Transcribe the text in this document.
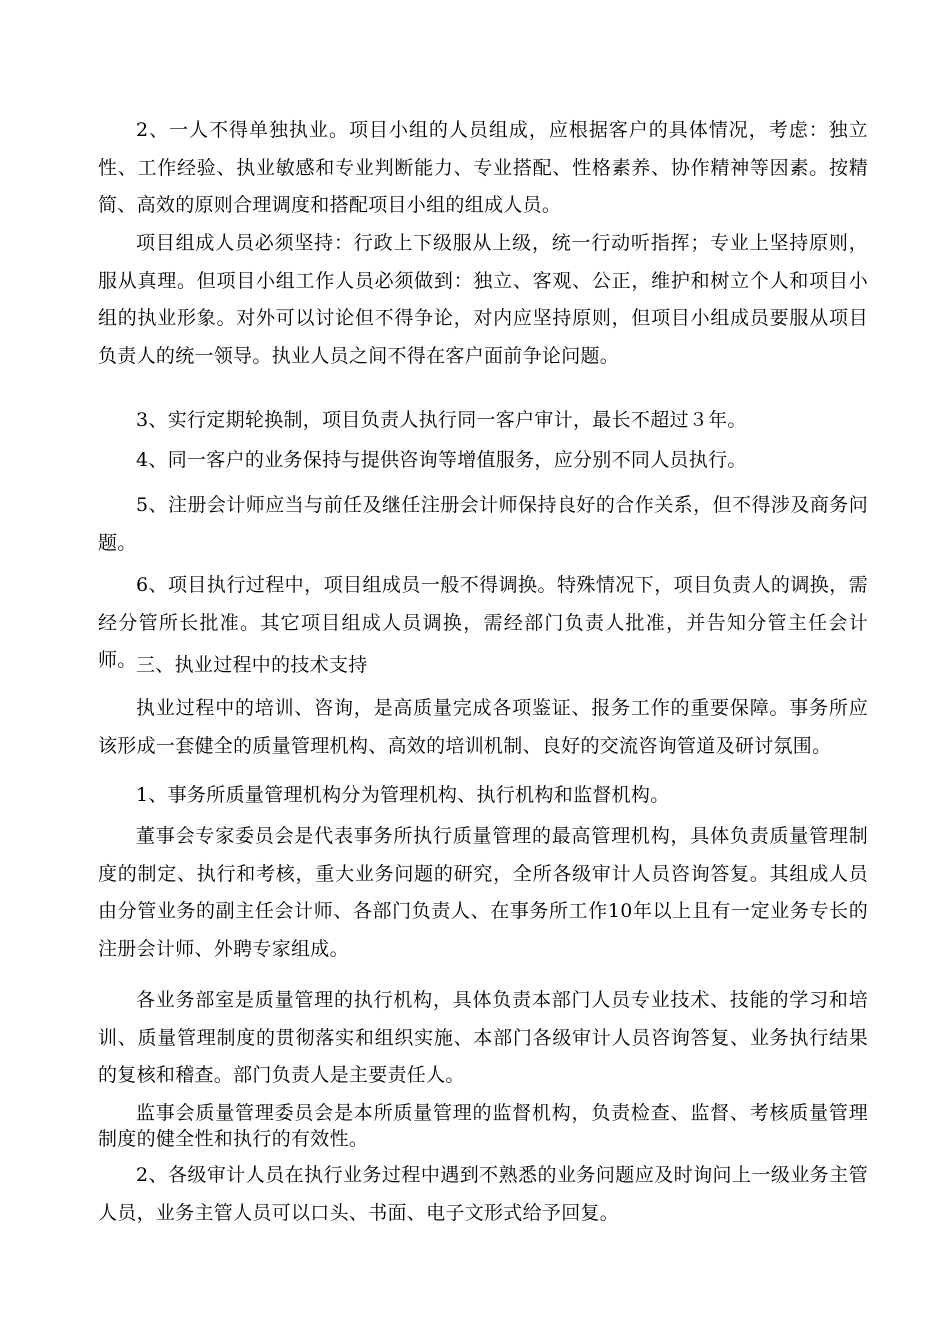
2、一人不得单独执业。项目小组的人员组成，应根据客户的具体情况，考虑：独立性、工作经验、执业敏感和专业判断能力、专业搭配、性格素养、协作精神等因素。按精简、高效的原则合理调度和搭配项目小组的组成人员。

项目组成人员必须坚持：行政上下级服从上级，统一行动听指挥；专业上坚持原则，服从真理。但项目小组工作人员必须做到：独立、客观、公正，维护和树立个人和项目小组的执业形象。对外可以讨论但不得争论，对内应坚持原则，但项目小组成员要服从项目负责人的统一领导。执业人员之间不得在客户面前争论问题。

3、实行定期轮换制，项目负责人执行同一客户审计，最长不超过３年。

4、同一客户的业务保持与提供咨询等增值服务，应分别不同人员执行。

5、注册会计师应当与前任及继任注册会计师保持良好的合作关系，但不得涉及商务问题。

6、项目执行过程中，项目组成员一般不得调换。特殊情况下，项目负责人的调换，需经分管所长批准。其它项目组成人员调换，需经部门负责人批准，并告知分管主任会计师。 三、执业过程中的技术支持

执业过程中的培训、咨询，是高质量完成各项鉴证、报务工作的重要保障。事务所应该形成一套健全的质量管理机构、高效的培训机制、良好的交流咨询管道及研讨氛围。

1、事务所质量管理机构分为管理机构、执行机构和监督机构。

董事会专家委员会是代表事务所执行质量管理的最高管理机构，具体负责质量管理制度的制定、执行和考核，重大业务问题的研究，全所各级审计人员咨询答复。其组成人员由分管业务的副主任会计师、各部门负责人、在事务所工作10年以上且有一定业务专长的注册会计师、外聘专家组成。

各业务部室是质量管理的执行机构，具体负责本部门人员专业技术、技能的学习和培训、质量管理制度的贯彻落实和组织实施、本部门各级审计人员咨询答复、业务执行结果的复核和稽查。部门负责人是主要责任人。

监事会质量管理委员会是本所质量管理的监督机构，负责检查、监督、考核质量管理制度的健全性和执行的有效性。

2、各级审计人员在执行业务过程中遇到不熟悉的业务问题应及时询问上一级业务主管人员，业务主管人员可以口头、书面、电子文形式给予回复。
